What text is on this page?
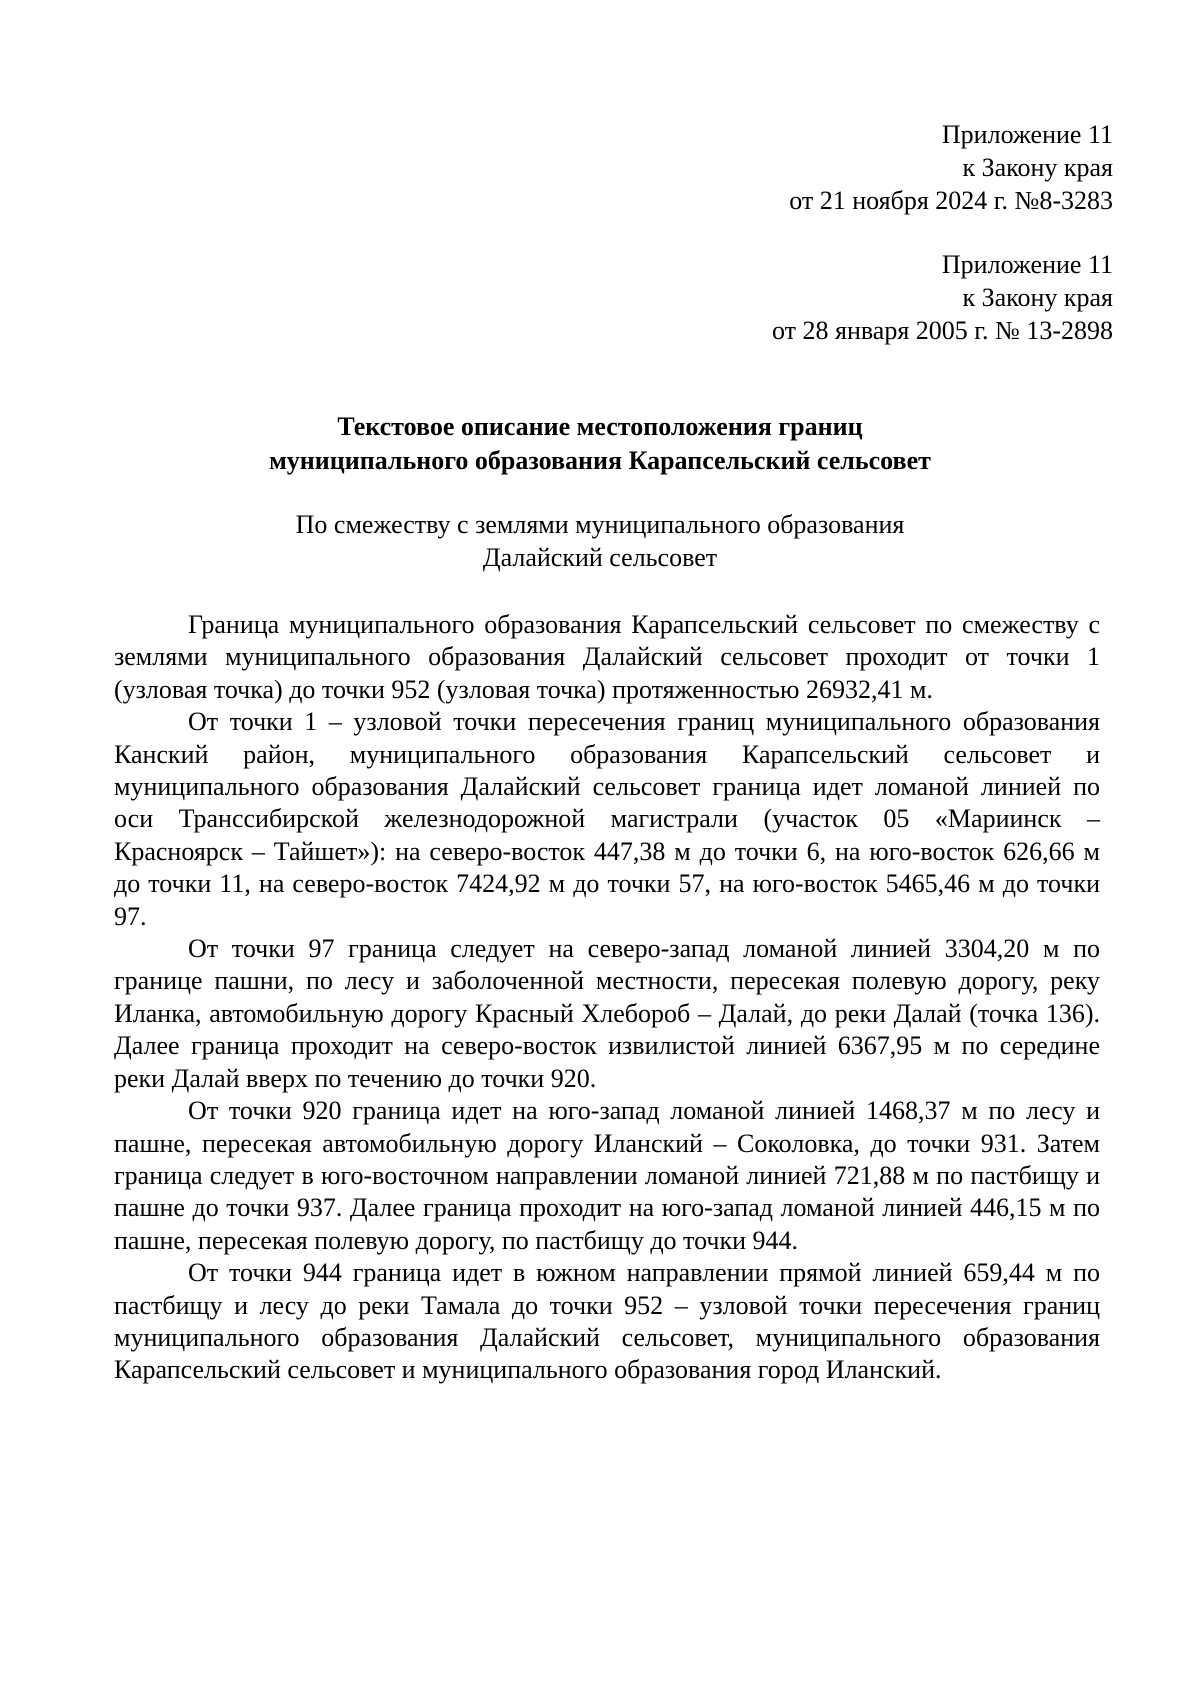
Приложение 11
к Закону края
от 21 ноября 2024 г. №8-3283
Приложение 11
к Закону края
от 28 января 2005 г. № 13-2898
Текстовое описание местоположения границ
муниципального образования Карапсельский сельсовет
По смежеству с землями муниципального образования
Далайский сельсовет

Граница муниципального образования Карапсельский сельсовет по смежеству с землями муниципального образования Далайский сельсовет проходит от точки 1 (узловая точка) до точки 952 (узловая точка) протяженностью 26932,41 м.

От точки 1 – узловой точки пересечения границ муниципального образования Канский район, муниципального образования Карапсельский сельсовет и муниципального образования Далайский сельсовет граница идет ломаной линией по оси Транссибирской железнодорожной магистрали (участок 05 «Мариинск – Красноярск – Тайшет»): на северо-восток 447,38 м до точки 6, на юго-восток 626,66 м до точки 11, на северо-восток 7424,92 м до точки 57, на юго-восток 5465,46 м до точки 97.

От точки 97 граница следует на северо-запад ломаной линией 3304,20 м по границе пашни, по лесу и заболоченной местности, пересекая полевую дорогу, реку Иланка, автомобильную дорогу Красный Хлебороб – Далай, до реки Далай (точка 136). Далее граница проходит на северо-восток извилистой линией 6367,95 м по середине реки Далай вверх по течению до точки 920.

От точки 920 граница идет на юго-запад ломаной линией 1468,37 м по лесу и пашне, пересекая автомобильную дорогу Иланский – Соколовка, до точки 931. Затем граница следует в юго-восточном направлении ломаной линией 721,88 м по пастбищу и пашне до точки 937. Далее граница проходит на юго-запад ломаной линией 446,15 м по пашне, пересекая полевую дорогу, по пастбищу до точки 944.

От точки 944 граница идет в южном направлении прямой линией 659,44 м по пастбищу и лесу до реки Тамала до точки 952 – узловой точки пересечения границ муниципального образования Далайский сельсовет, муниципального образования Карапсельский сельсовет и муниципального образования город Иланский.
